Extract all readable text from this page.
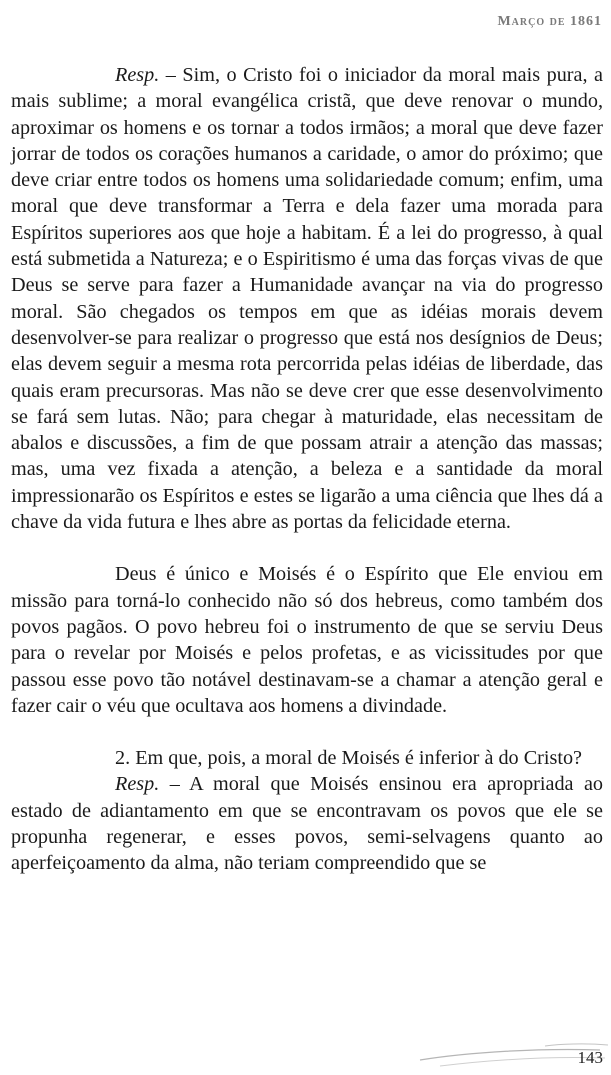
Março de 1861

Resp. – Sim, o Cristo foi o iniciador da moral mais pura, a mais sublime; a moral evangélica cristã, que deve renovar o mundo, aproximar os homens e os tornar a todos irmãos; a moral que deve fazer jorrar de todos os corações humanos a caridade, o amor do próximo; que deve criar entre todos os homens uma solidariedade comum; enfim, uma moral que deve transformar a Terra e dela fazer uma morada para Espíritos superiores aos que hoje a habitam. É a lei do progresso, à qual está submetida a Natureza; e o Espiritismo é uma das forças vivas de que Deus se serve para fazer a Humanidade avançar na via do progresso moral. São chegados os tempos em que as idéias morais devem desenvolver-se para realizar o progresso que está nos desígnios de Deus; elas devem seguir a mesma rota percorrida pelas idéias de liberdade, das quais eram precursoras. Mas não se deve crer que esse desenvolvimento se fará sem lutas. Não; para chegar à maturidade, elas necessitam de abalos e discussões, a fim de que possam atrair a atenção das massas; mas, uma vez fixada a atenção, a beleza e a santidade da moral impressionarão os Espíritos e estes se ligarão a uma ciência que lhes dá a chave da vida futura e lhes abre as portas da felicidade eterna.

Deus é único e Moisés é o Espírito que Ele enviou em missão para torná-lo conhecido não só dos hebreus, como também dos povos pagãos. O povo hebreu foi o instrumento de que se serviu Deus para o revelar por Moisés e pelos profetas, e as vicissitudes por que passou esse povo tão notável destinavam-se a chamar a atenção geral e fazer cair o véu que ocultava aos homens a divindade.

2. Em que, pois, a moral de Moisés é inferior à do Cristo?

Resp. – A moral que Moisés ensinou era apropriada ao estado de adiantamento em que se encontravam os povos que ele se propunha regenerar, e esses povos, semi-selvagens quanto ao aperfeiçoamento da alma, não teriam compreendido que se

143
